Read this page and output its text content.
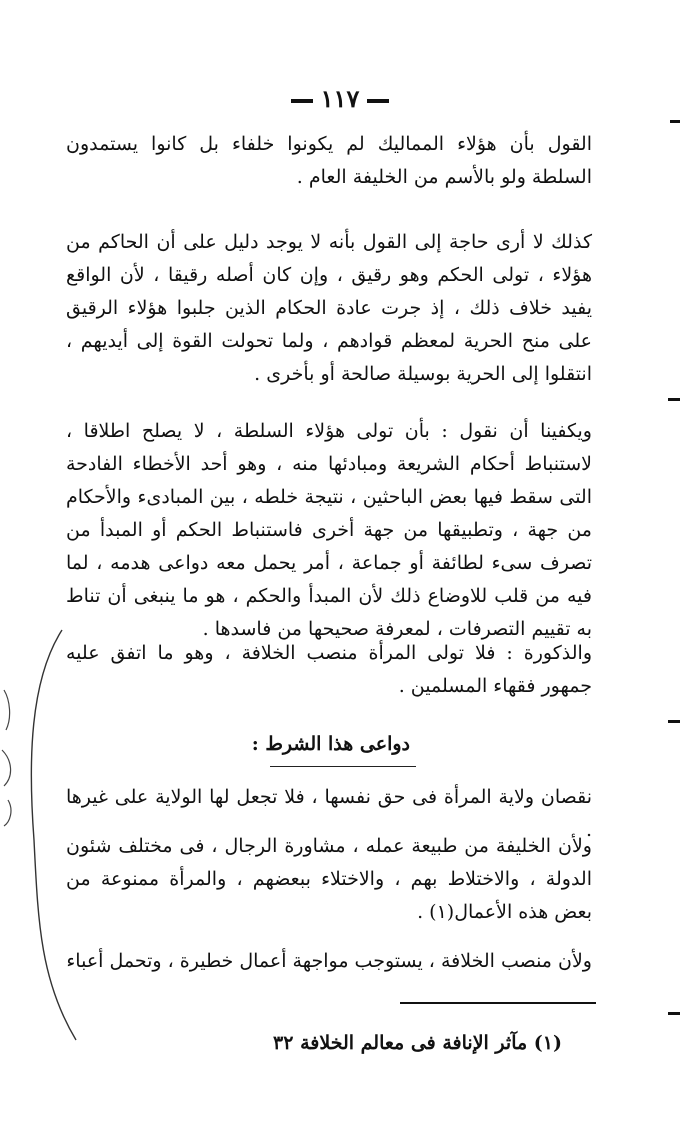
١١٧
القول بأن هؤلاء المماليك لم يكونوا خلفاء بل كانوا يستمدون السلطة ولو بالأسم من الخليفة العام .
كذلك لا أرى حاجة إلى القول بأنه لا يوجد دليل على أن الحاكم من هؤلاء ، تولى الحكم وهو رقيق ، وإن كان أصله رقيقا ، لأن الواقع يفيد خلاف ذلك ، إذ جرت عادة الحكام الذين جلبوا هؤلاء الرقيق على منح الحرية لمعظم قوادهم ، ولما تحولت القوة إلى أيديهم ، انتقلوا إلى الحرية بوسيلة صالحة أو بأخرى .
ويكفينا أن نقول : بأن تولى هؤلاء السلطة ، لا يصلح اطلاقا ، لاستنباط أحكام الشريعة ومبادئها منه ، وهو أحد الأخطاء الفادحة التى سقط فيها بعض الباحثين ، نتيجة خلطه ، بين المبادىء والأحكام من جهة ، وتطبيقها من جهة أخرى فاستنباط الحكم أو المبدأ من تصرف سىء لطائفة أو جماعة ، أمر يحمل معه دواعى هدمه ، لما فيه من قلب للاوضاع ذلك لأن المبدأ والحكم ، هو ما ينبغى أن تناط به تقييم التصرفات ، لمعرفة صحيحها من فاسدها .
والذكورة : فلا تولى المرأة منصب الخلافة ، وهو ما اتفق عليه جمهور فقهاء المسلمين .
دواعى هذا الشرط :
نقصان ولاية المرأة فى حق نفسها ، فلا تجعل لها الولاية على غيرها .
ولأن الخليفة من طبيعة عمله ، مشاورة الرجال ، فى مختلف شئون الدولة ، والاختلاط بهم ، والاختلاء ببعضهم ، والمرأة ممنوعة من بعض هذه الأعمال(١) .
ولأن منصب الخلافة ، يستوجب مواجهة أعمال خطيرة ، وتحمل أعباء
(١) مآثر الإنافة فى معالم الخلافة ٣٢
